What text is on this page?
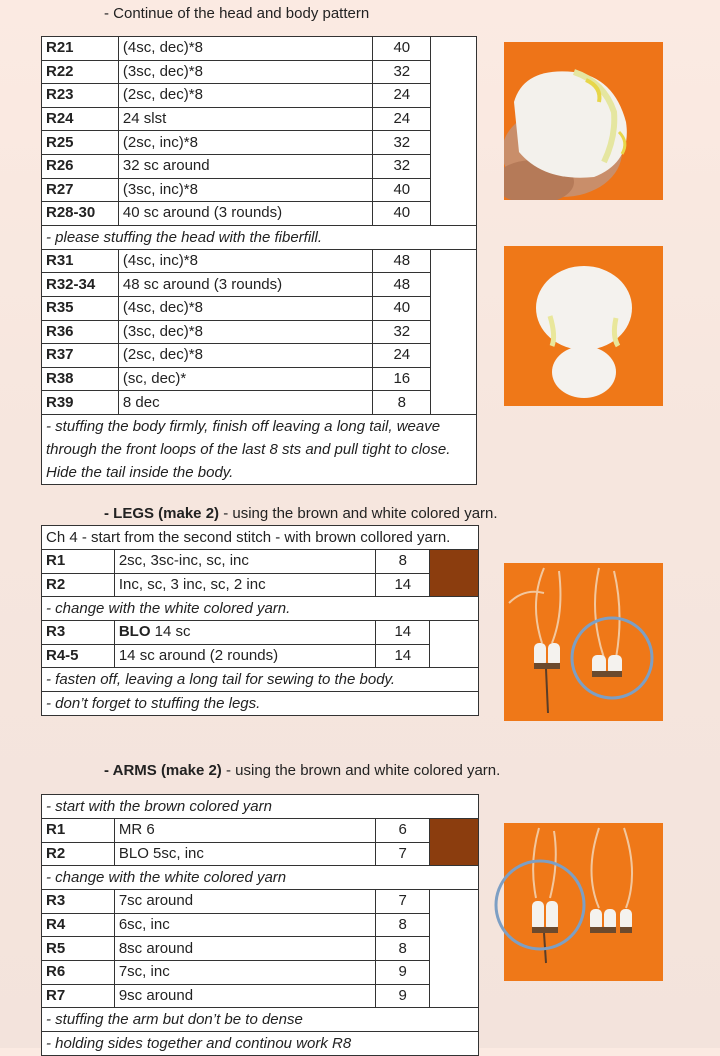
- Continue of the head and body pattern
R21	(4sc, dec)*8	40	
R22	(3sc, dec)*8	32	
R23	(2sc, dec)*8	24	
R24	24 slst	24	
R25	(2sc, inc)*8	32	
R26	32 sc around	32	
R27	(3sc, inc)*8	40	
R28-30	40 sc around (3 rounds)	40	
- please stuffing the head with the fiberfill.			
R31	(4sc, inc)*8	48	
R32-34	48 sc around (3 rounds)	48	
R35	(4sc, dec)*8	40	
R36	(3sc, dec)*8	32	
R37	(2sc, dec)*8	24	
R38	(sc, dec)*	16	
R39	8 dec	8	
- stuffing the body firmly, finish off leaving a long tail, weave through the front loops of the last 8 sts and pull tight to close. Hide the tail inside the body.			
- LEGS (make 2) - using the brown and white colored yarn.
Ch 4 - start from the second stitch - with brown collored yarn.			
R1	2sc, 3sc-inc, sc, inc	8	
R2	Inc, sc, 3 inc, sc, 2 inc	14	
- change with the white colored yarn.			
R3	BLO 14 sc	14	
R4-5	14 sc around (2 rounds)	14	
- fasten off, leaving a long tail for sewing to the body.			
- don’t forget to stuffing the legs.			
- ARMS (make 2) - using the brown and white colored yarn.
- start with the brown colored yarn			
R1	MR 6	6	
R2	BLO 5sc, inc	7	
- change with the white colored yarn			
R3	7sc around	7	
R4	6sc, inc	8	
R5	8sc around	8	
R6	7sc, inc	9	
R7	9sc around	9	
- stuffing the arm but don’t be to dense			
- holding sides together and continou work R8			
